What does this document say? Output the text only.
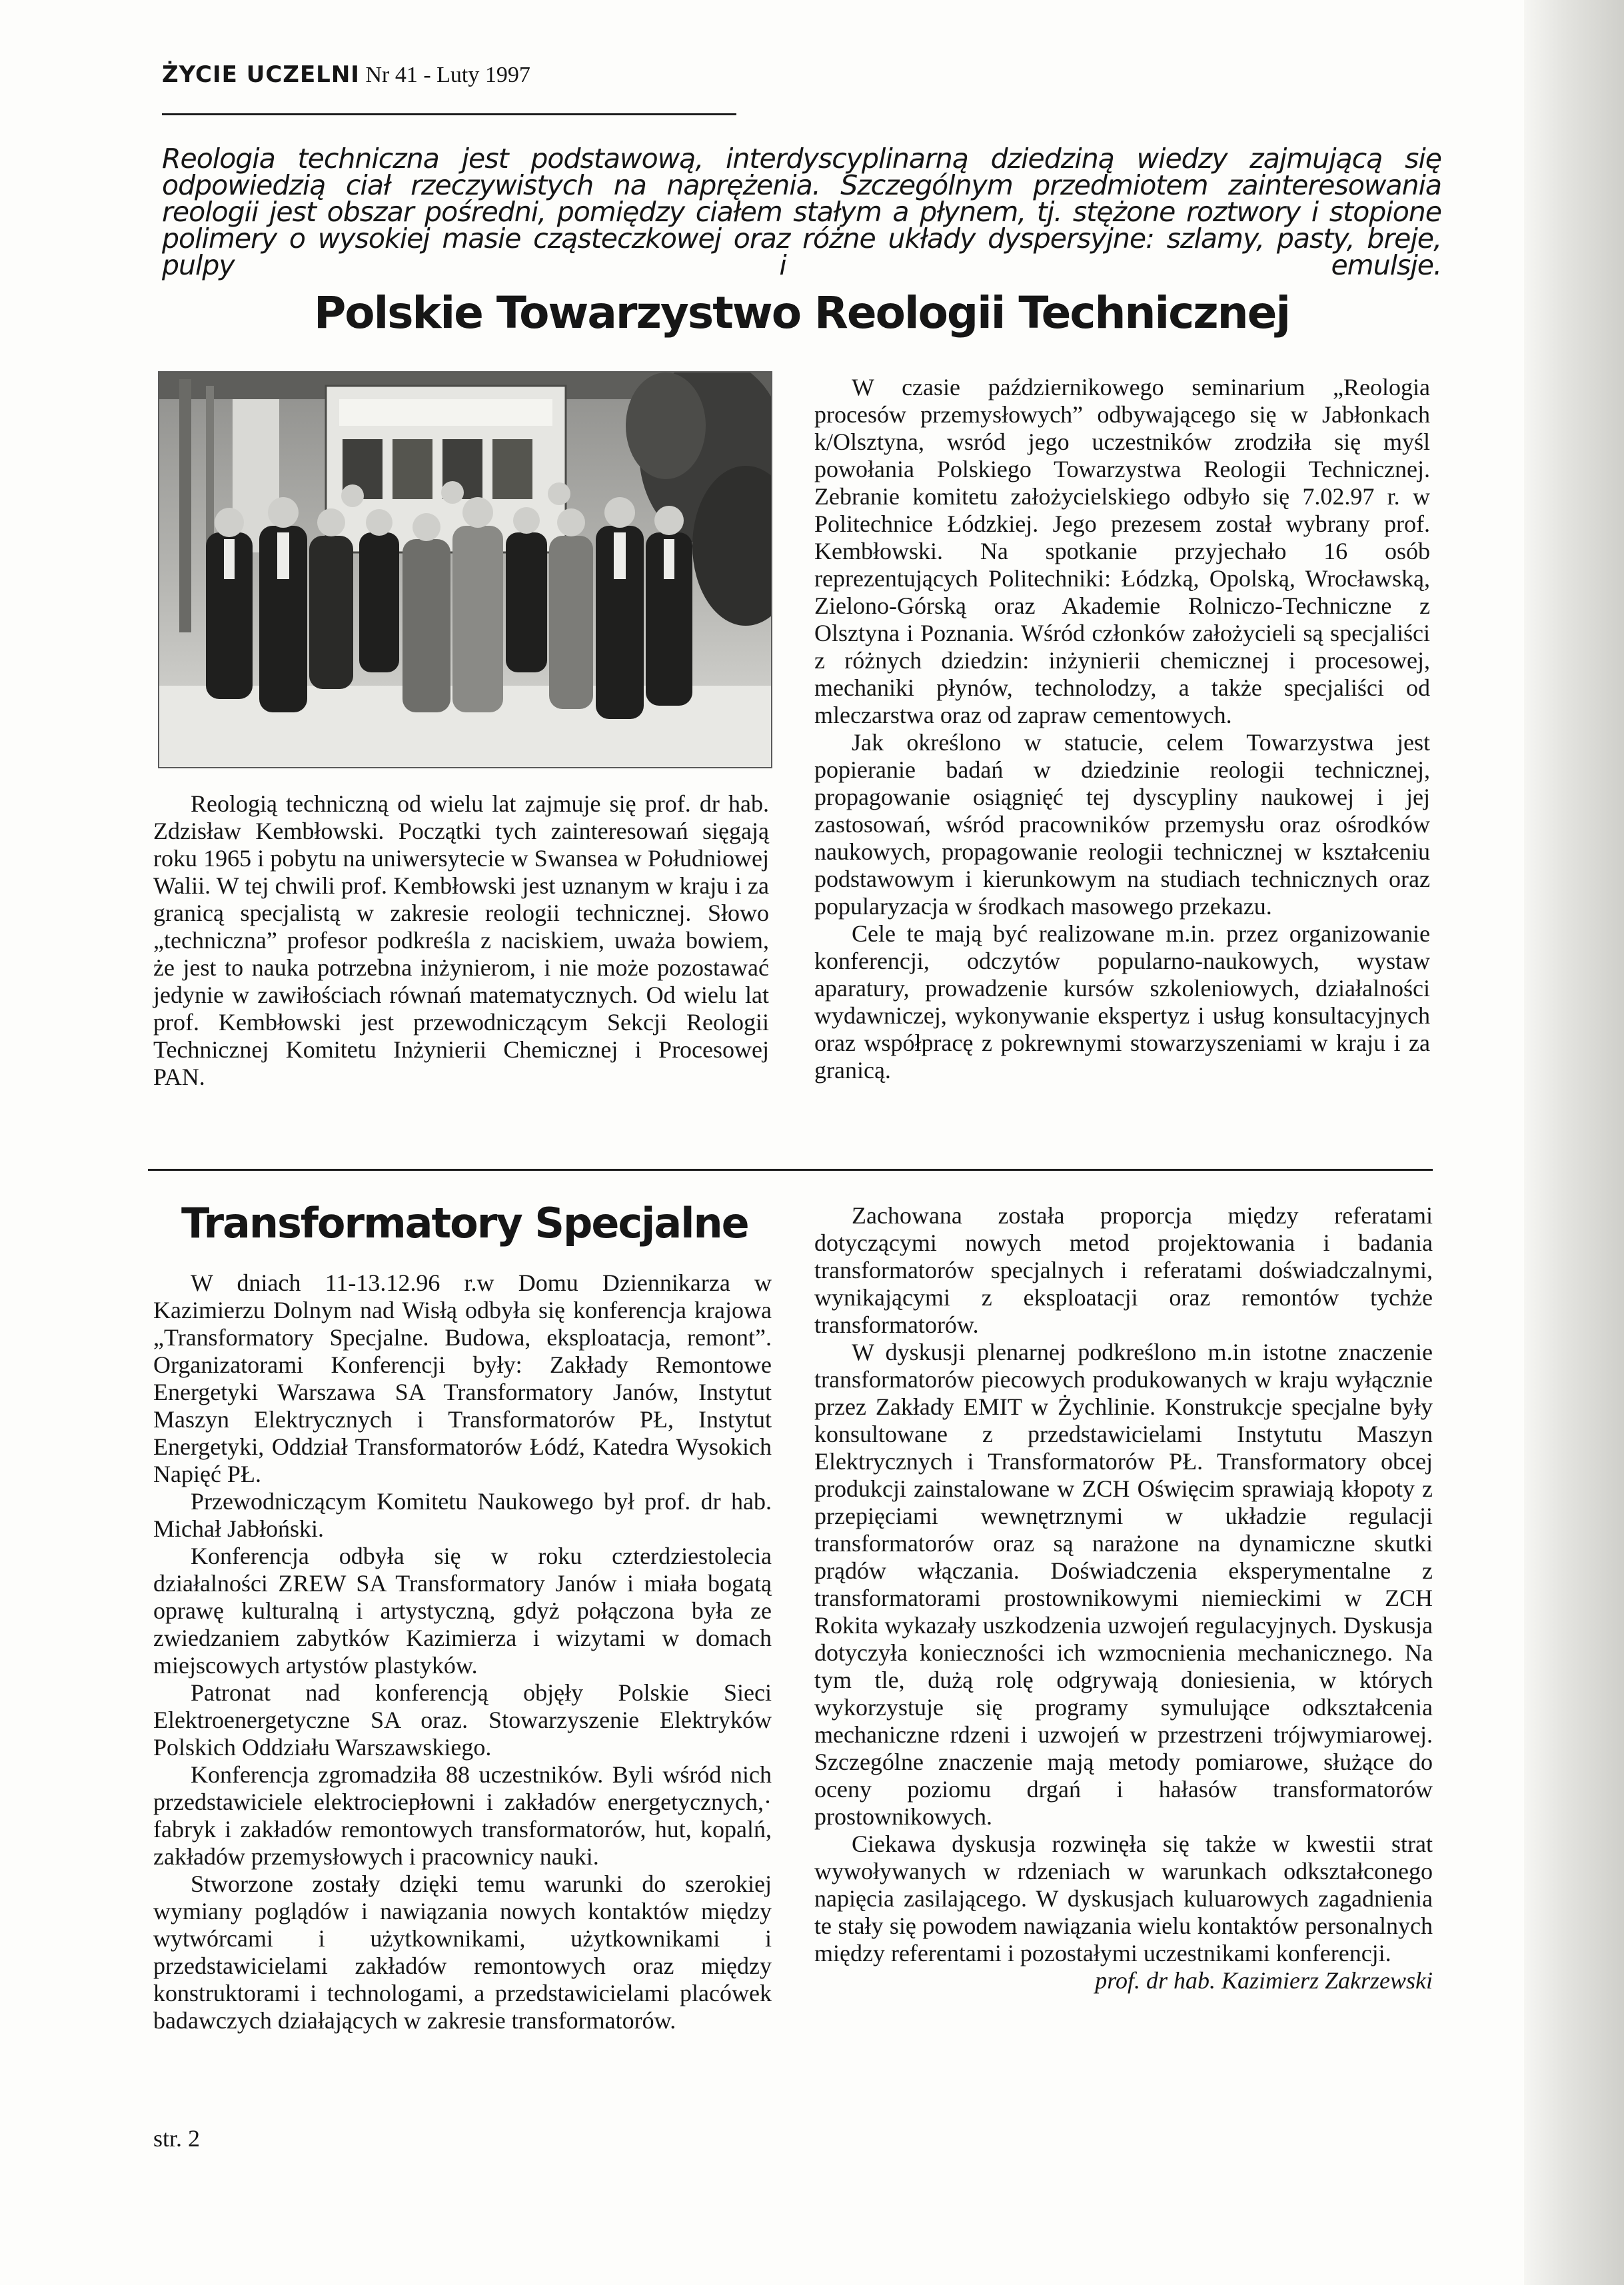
ŻYCIE UCZELNI Nr 41 - Luty 1997

Reologia techniczna jest podstawową, interdyscyplinarną dziedziną wiedzy zajmującą się odpowiedzią ciał rzeczywistych na naprężenia. Szczególnym przedmiotem zainteresowania reologii jest obszar pośredni, pomiędzy ciałem stałym a płynem, tj. stężone roztwory i stopione polimery o wysokiej masie cząsteczkowej oraz różne układy dyspersyjne: szlamy, pasty, breje, pulpy i emulsje.

Polskie Towarzystwo Reologii Technicznej

Reologią techniczną od wielu lat zajmuje się prof. dr hab. Zdzisław Kembłowski. Początki tych zainteresowań sięgają roku 1965 i pobytu na uniwersytecie w Swansea w Południowej Walii. W tej chwili prof. Kembłowski jest uznanym w kraju i za granicą specjalistą w zakresie reologii technicznej. Słowo „techniczna” profesor podkreśla z naciskiem, uważa bowiem, że jest to nauka potrzebna inżynierom, i nie może pozostawać jedynie w zawiłościach równań matematycznych. Od wielu lat prof. Kembłowski jest przewodniczącym Sekcji Reologii Technicznej Komitetu Inżynierii Chemicznej i Procesowej PAN.

W czasie październikowego seminarium „Reologia procesów przemysłowych” odbywającego się w Jabłonkach k/Olsztyna, wsród jego uczestników zrodziła się myśl powołania Polskiego Towarzystwa Reologii Technicznej. Zebranie komitetu założycielskiego odbyło się 7.02.97 r. w Politechnice Łódzkiej. Jego prezesem został wybrany prof. Kembłowski. Na spotkanie przyjechało 16 osób reprezentujących Politechniki: Łódzką, Opolską, Wrocławską, Zielono-Górską oraz Akademie Rolniczo-Techniczne z Olsztyna i Poznania. Wśród członków założycieli są specjaliści z różnych dziedzin: inżynierii chemicznej i procesowej, mechaniki płynów, technolodzy, a także specjaliści od mleczarstwa oraz od zapraw cementowych.

Jak określono w statucie, celem Towarzystwa jest popieranie badań w dziedzinie reologii technicznej, propagowanie osiągnięć tej dyscypliny naukowej i jej zastosowań, wśród pracowników przemysłu oraz ośrodków naukowych, propagowanie reologii technicznej w kształceniu podstawowym i kierunkowym na studiach technicznych oraz popularyzacja w środkach masowego przekazu.

Cele te mają być realizowane m.in. przez organizowanie konferencji, odczytów popularno-naukowych, wystaw aparatury, prowadzenie kursów szkoleniowych, działalności wydawniczej, wykonywanie ekspertyz i usług konsultacyjnych oraz współpracę z pokrewnymi stowarzyszeniami w kraju i za granicą.

Transformatory Specjalne

W dniach 11-13.12.96 r.w Domu Dziennikarza w Kazimierzu Dolnym nad Wisłą odbyła się konferencja krajowa „Transformatory Specjalne. Budowa, eksploatacja, remont”. Organizatorami Konferencji były: Zakłady Remontowe Energetyki Warszawa SA Transformatory Janów, Instytut Maszyn Elektrycznych i Transformatorów PŁ, Instytut Energetyki, Oddział Transformatorów Łódź, Katedra Wysokich Napięć PŁ.

Przewodniczącym Komitetu Naukowego był prof. dr hab. Michał Jabłoński.

Konferencja odbyła się w roku czterdziestolecia działalności ZREW SA Transformatory Janów i miała bogatą oprawę kulturalną i artystyczną, gdyż połączona była ze zwiedzaniem zabytków Kazimierza i wizytami w domach miejscowych artystów plastyków.

Patronat nad konferencją objęły Polskie Sieci Elektroenergetyczne SA oraz. Stowarzyszenie Elektryków Polskich Oddziału Warszawskiego.

Konferencja zgromadziła 88 uczestników. Byli wśród nich przedstawiciele elektrociepłowni i zakładów energetycznych,· fabryk i zakładów remontowych transformatorów, hut, kopalń, zakładów przemysłowych i pracownicy nauki.

Stworzone zostały dzięki temu warunki do szerokiej wymiany poglądów i nawiązania nowych kontaktów między wytwórcami i użytkownikami, użytkownikami i przedstawicielami zakładów remontowych oraz między konstruktorami i technologami, a przedstawicielami placówek badawczych działających w zakresie transformatorów.

Zachowana została proporcja między referatami dotyczącymi nowych metod projektowania i badania transformatorów specjalnych i referatami doświadczalnymi, wynikającymi z eksploatacji oraz remontów tychże transformatorów.

W dyskusji plenarnej podkreślono m.in istotne znaczenie transformatorów piecowych produkowanych w kraju wyłącznie przez Zakłady EMIT w Żychlinie. Konstrukcje specjalne były konsultowane z przedstawicielami Instytutu Maszyn Elektrycznych i Transformatorów PŁ. Transformatory obcej produkcji zainstalowane w ZCH Oświęcim sprawiają kłopoty z przepięciami wewnętrznymi w układzie regulacji transformatorów oraz są narażone na dynamiczne skutki prądów włączania. Doświadczenia eksperymentalne z transformatorami prostownikowymi niemieckimi w ZCH Rokita wykazały uszkodzenia uzwojeń regulacyjnych. Dyskusja dotyczyła konieczności ich wzmocnienia mechanicznego. Na tym tle, dużą rolę odgrywają doniesienia, w których wykorzystuje się programy symulujące odkształcenia mechaniczne rdzeni i uzwojeń w przestrzeni trójwymiarowej. Szczególne znaczenie mają metody pomiarowe, służące do oceny poziomu drgań i hałasów transformatorów prostownikowych.

Ciekawa dyskusja rozwinęła się także w kwestii strat wywoływanych w rdzeniach w warunkach odkształconego napięcia zasilającego. W dyskusjach kuluarowych zagadnienia te stały się powodem nawiązania wielu kontaktów personalnych między referentami i pozostałymi uczestnikami konferencji.

prof. dr hab. Kazimierz Zakrzewski

str. 2
